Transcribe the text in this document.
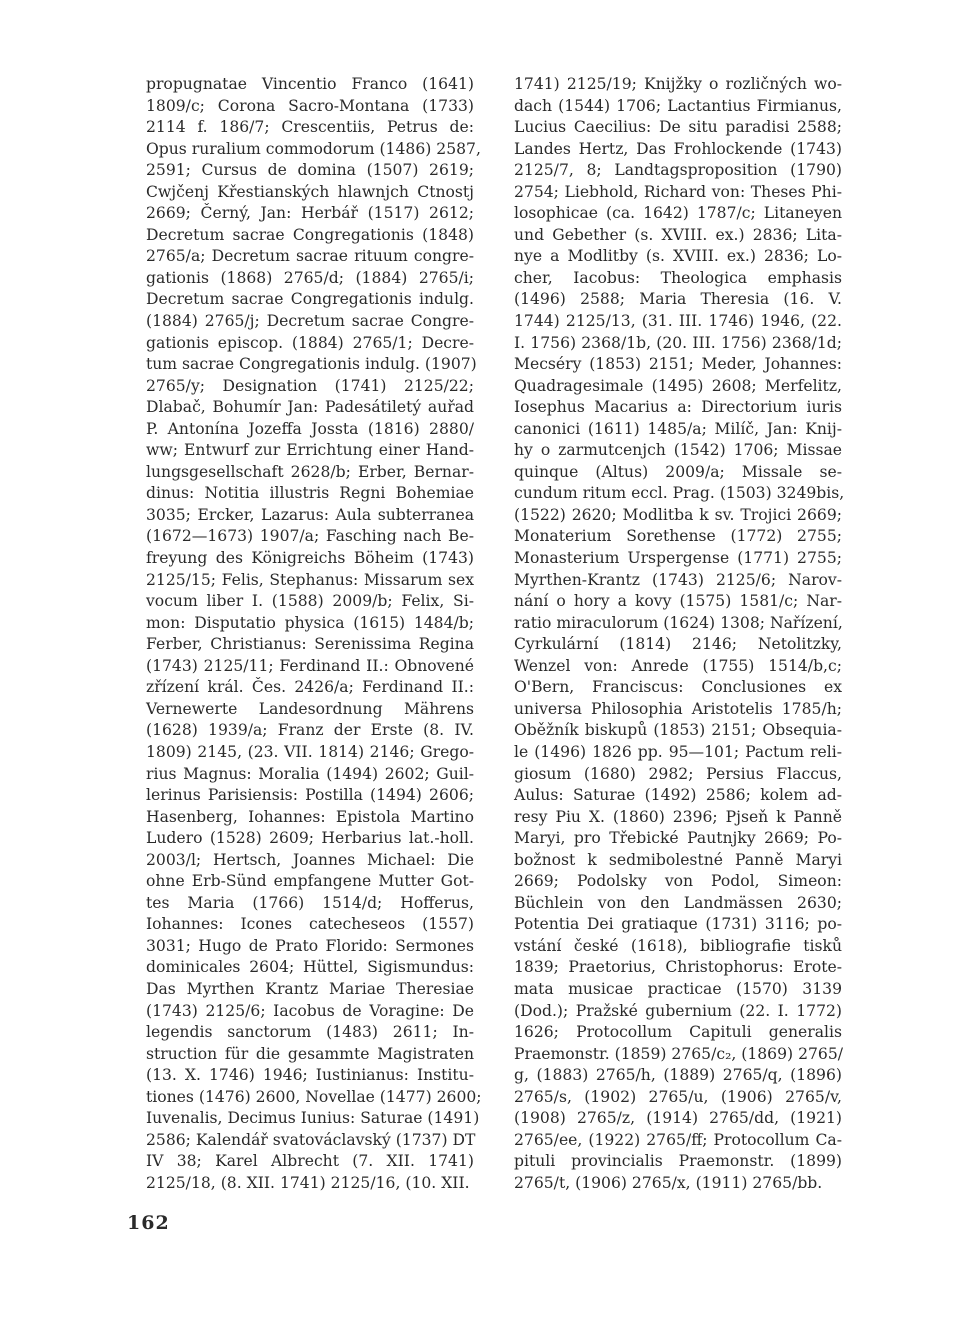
propugnatae Vincentio Franco (1641)
1809/c; Corona Sacro-Montana (1733)
2114 f. 186/7; Crescentiis, Petrus de:
Opus ruralium commodorum (1486) 2587,
2591; Cursus de domina (1507) 2619;
Cwjčenj Křestianských hlawnjch Ctnostj
2669; Černý, Jan: Herbář (1517) 2612;
Decretum sacrae Congregationis (1848)
2765/a; Decretum sacrae rituum congre-
gationis (1868) 2765/d; (1884) 2765/i;
Decretum sacrae Congregationis indulg.
(1884) 2765/j; Decretum sacrae Congre-
gationis episcop. (1884) 2765/1; Decre-
tum sacrae Congregationis indulg. (1907)
2765/y; Designation (1741) 2125/22;
Dlabač, Bohumír Jan: Padesátiletý auřad
P. Antonína Jozeffa Jossta (1816) 2880/
ww; Entwurf zur Errichtung einer Hand-
lungsgesellschaft 2628/b; Erber, Bernar-
dinus: Notitia illustris Regni Bohemiae
3035; Ercker, Lazarus: Aula subterranea
(1672—1673) 1907/a; Fasching nach Be-
freyung des Königreichs Böheim (1743)
2125/15; Felis, Stephanus: Missarum sex
vocum liber I. (1588) 2009/b; Felix, Si-
mon: Disputatio physica (1615) 1484/b;
Ferber, Christianus: Serenissima Regina
(1743) 2125/11; Ferdinand II.: Obnovené
zřízení král. Čes. 2426/a; Ferdinand II.:
Vernewerte Landesordnung Mährens
(1628) 1939/a; Franz der Erste (8. IV.
1809) 2145, (23. VII. 1814) 2146; Grego-
rius Magnus: Moralia (1494) 2602; Guil-
lerinus Parisiensis: Postilla (1494) 2606;
Hasenberg, Iohannes: Epistola Martino
Ludero (1528) 2609; Herbarius lat.-holl.
2003/l; Hertsch, Joannes Michael: Die
ohne Erb-Sünd empfangene Mutter Got-
tes Maria (1766) 1514/d; Hofferus,
Iohannes: Icones catecheseos (1557)
3031; Hugo de Prato Florido: Sermones
dominicales 2604; Hüttel, Sigismundus:
Das Myrthen Krantz Mariae Theresiae
(1743) 2125/6; Iacobus de Voragine: De
legendis sanctorum (1483) 2611; In-
struction für die gesammte Magistraten
(13. X. 1746) 1946; Iustinianus: Institu-
tiones (1476) 2600, Novellae (1477) 2600;
Iuvenalis, Decimus Iunius: Saturae (1491)
2586; Kalendář svatováclavský (1737) DT
IV 38; Karel Albrecht (7. XII. 1741)
2125/18, (8. XII. 1741) 2125/16, (10. XII.
1741) 2125/19; Knijžky o rozličných wo-
dach (1544) 1706; Lactantius Firmianus,
Lucius Caecilius: De situ paradisi 2588;
Landes Hertz, Das Frohlockende (1743)
2125/7, 8; Landtagsproposition (1790)
2754; Liebhold, Richard von: Theses Phi-
losophicae (ca. 1642) 1787/c; Litaneyen
und Gebether (s. XVIII. ex.) 2836; Lita-
nye a Modlitby (s. XVIII. ex.) 2836; Lo-
cher, Iacobus: Theologica emphasis
(1496) 2588; Maria Theresia (16. V.
1744) 2125/13, (31. III. 1746) 1946, (22.
I. 1756) 2368/1b, (20. III. 1756) 2368/1d;
Mecséry (1853) 2151; Meder, Johannes:
Quadragesimale (1495) 2608; Merfelitz,
Iosephus Macarius a: Directorium iuris
canonici (1611) 1485/a; Milíč, Jan: Knij-
hy o zarmutcenjch (1542) 1706; Missae
quinque (Altus) 2009/a; Missale se-
cundum ritum eccl. Prag. (1503) 3249bis,
(1522) 2620; Modlitba k sv. Trojici 2669;
Monaterium Sorethense (1772) 2755;
Monasterium Urspergense (1771) 2755;
Myrthen-Krantz (1743) 2125/6; Narov-
nání o hory a kovy (1575) 1581/c; Nar-
ratio miraculorum (1624) 1308; Nařízení,
Cyrkulární (1814) 2146; Netolitzky,
Wenzel von: Anrede (1755) 1514/b,c;
O'Bern, Franciscus: Conclusiones ex
universa Philosophia Aristotelis 1785/h;
Oběžník biskupů (1853) 2151; Obsequia-
le (1496) 1826 pp. 95—101; Pactum reli-
giosum (1680) 2982; Persius Flaccus,
Aulus: Saturae (1492) 2586; kolem ad-
resy Piu X. (1860) 2396; Pjseň k Panně
Maryi, pro Třebické Pautnjky 2669; Po-
božnost k sedmibolestné Panně Maryi
2669; Podolsky von Podol, Simeon:
Büchlein von den Landmässen 2630;
Potentia Dei gratiaque (1731) 3116; po-
vstání české (1618), bibliografie tisků
1839; Praetorius, Christophorus: Erote-
mata musicae practicae (1570) 3139
(Dod.); Pražské gubernium (22. I. 1772)
1626; Protocollum Capituli generalis
Praemonstr. (1859) 2765/c₂, (1869) 2765/
g, (1883) 2765/h, (1889) 2765/q, (1896)
2765/s, (1902) 2765/u, (1906) 2765/v,
(1908) 2765/z, (1914) 2765/dd, (1921)
2765/ee, (1922) 2765/ff; Protocollum Ca-
pituli provincialis Praemonstr. (1899)
2765/t, (1906) 2765/x, (1911) 2765/bb.
162
